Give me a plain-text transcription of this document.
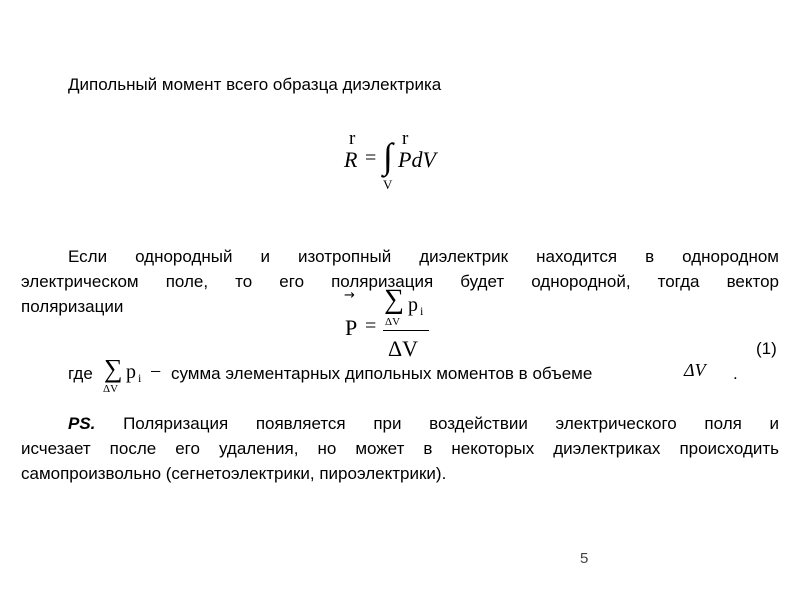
Дипольный момент всего образца диэлектрика
r r
R = ∫ PdV
V
Если однородный и изотропный диэлектрик находится в однородном
электрическом поле, то его поляризация будет однородной, тогда вектор
поляризации
→
P =
∑ p i
ΔV
ΔV	(1)
где ∑ p i
ΔV
− сумма элементарных дипольных моментов в объеме	ΔV .
PS. Поляризация появляется при воздействии электрического поля и
исчезает после его удаления, но может в некоторых диэлектриках происходить
самопроизвольно (сегнетоэлектрики, пироэлектрики).
5
